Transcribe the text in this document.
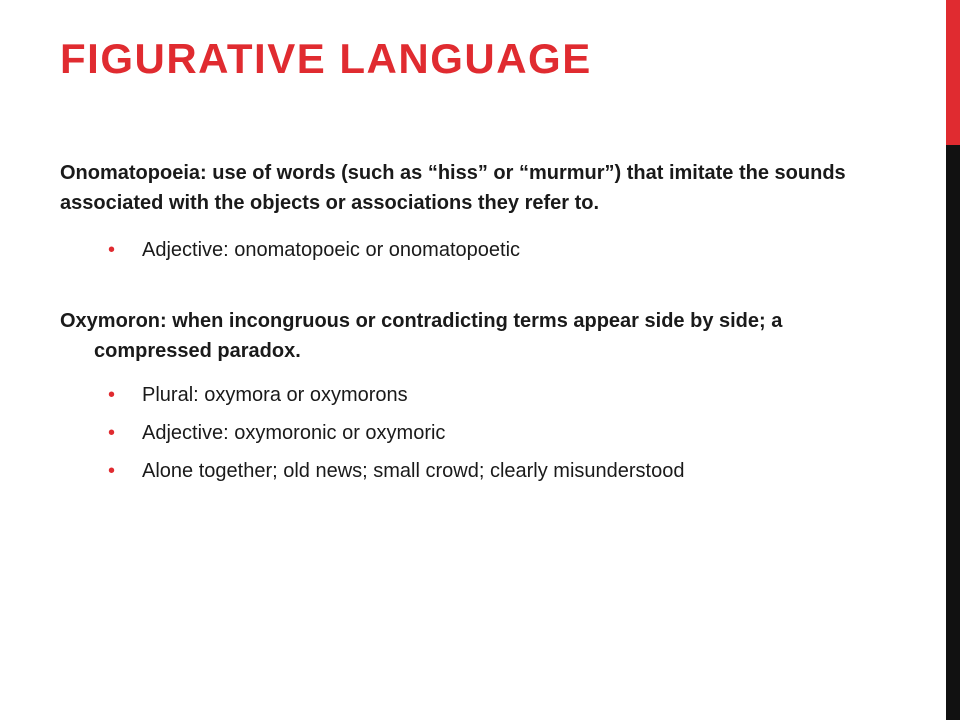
FIGURATIVE LANGUAGE

Onomatopoeia: use of words (such as “hiss” or “murmur”) that imitate the sounds associated with the objects or associations they refer to.

• Adjective: onomatopoeic or onomatopoetic

Oxymoron: when incongruous or contradicting terms appear side by side; a compressed paradox.

• Plural: oxymora or oxymorons
• Adjective: oxymoronic or oxymoric
• Alone together; old news; small crowd; clearly misunderstood
